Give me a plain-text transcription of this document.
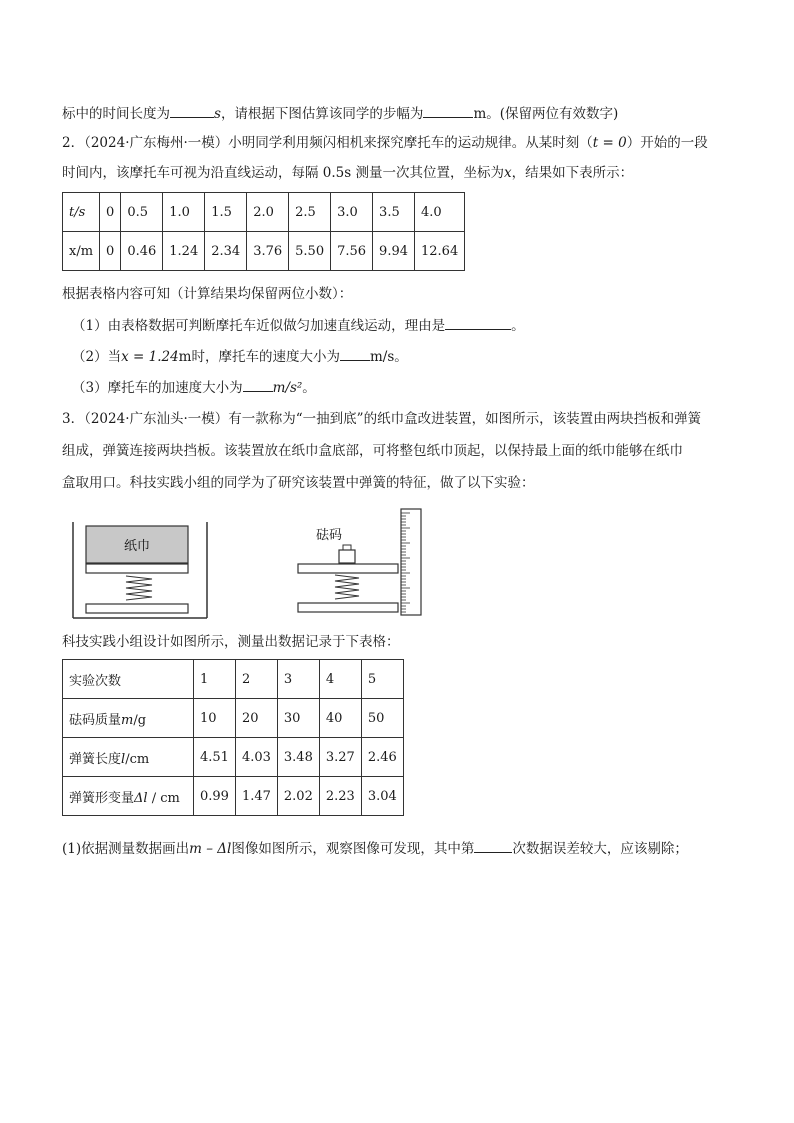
标中的时间长度为	s，请根据下图估算该同学的步幅为	m。(保留两位有效数字)
2．（2024·广东梅州·一模）小明同学利用频闪相机来探究摩托车的运动规律。从某时刻（t = 0）开始的一段
时间内，该摩托车可视为沿直线运动，每隔 0.5s 测量一次其位置，坐标为x，结果如下表所示：
t/s	0	0.5	1.0	1.5	2.0	2.5	3.0	3.5	4.0
x/m	0	0.46	1.24	2.34	3.76	5.50	7.56	9.94	12.64
根据表格内容可知（计算结果均保留两位小数）：
（1）由表格数据可判断摩托车近似做匀加速直线运动，理由是	。
（2）当x = 1.24m时，摩托车的速度大小为 m/s。
（3）摩托车的加速度大小为 m/s²。
3．（2024·广东汕头·一模）有一款称为“一抽到底”的纸巾盒改进装置，如图所示，该装置由两块挡板和弹簧
组成，弹簧连接两块挡板。该装置放在纸巾盒底部，可将整包纸巾顶起，以保持最上面的纸巾能够在纸巾
盒取用口。科技实践小组的同学为了研究该装置中弹簧的特征，做了以下实验：
纸巾
砝码
科技实践小组设计如图所示，测量出数据记录于下表格：
实验次数	1	2	3	4	5
砝码质量m/g	10	20	30	40	50
弹簧长度l/cm	4.51	4.03	3.48	3.27	2.46
弹簧形变量Δl / cm	0.99	1.47	2.02	2.23	3.04
(1)依据测量数据画出m – Δl图像如图所示，观察图像可发现，其中第	次数据误差较大，应该剔除；
